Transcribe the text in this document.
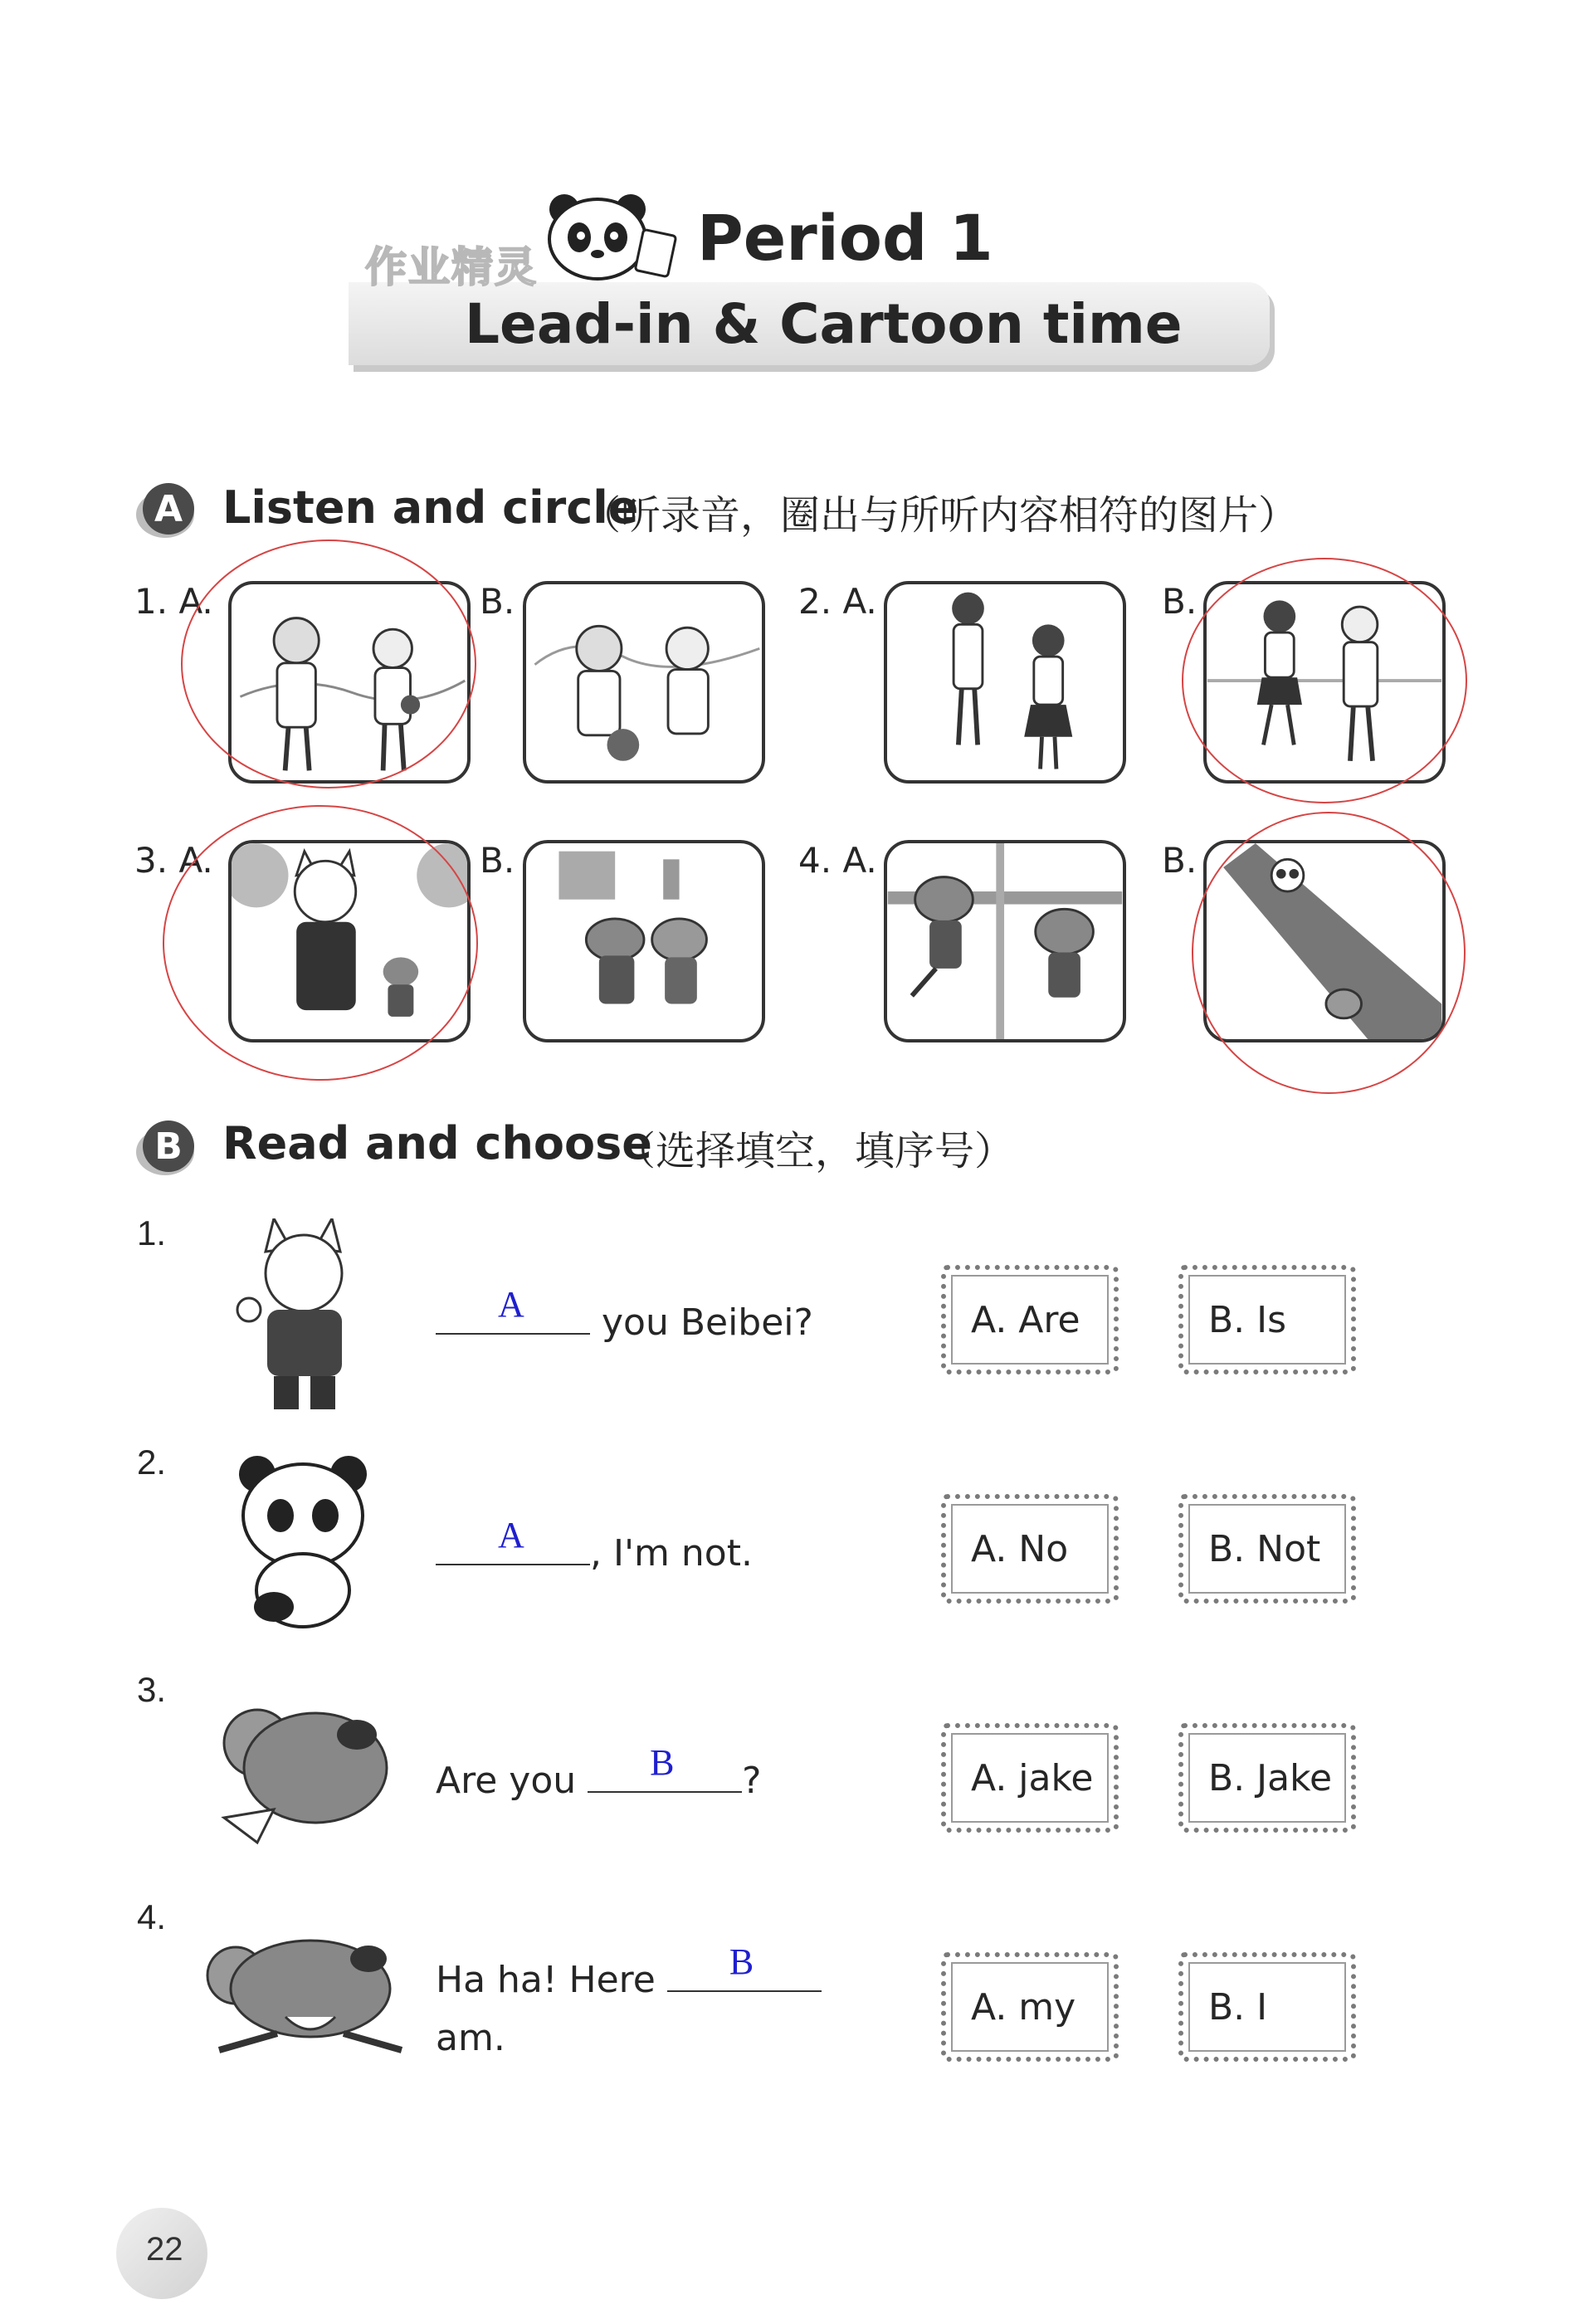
作业精灵	Period 1
Lead-in & Cartoon time
A Listen and circle
（听录音，圈出与所听内容相符的图片）
1. A.	B.	2. A.	B.
3. A.	B.	4. A.	B.
B Read and choose
（选择填空，填序号）
1.
A you Beibei?	A. Are	B. Is
2.
A , I'm not.	A. No	B. Not
3.
Are you B ?	A. jake	B. Jake
4.
Ha ha! Here B
am.
A. my	B. I
22
